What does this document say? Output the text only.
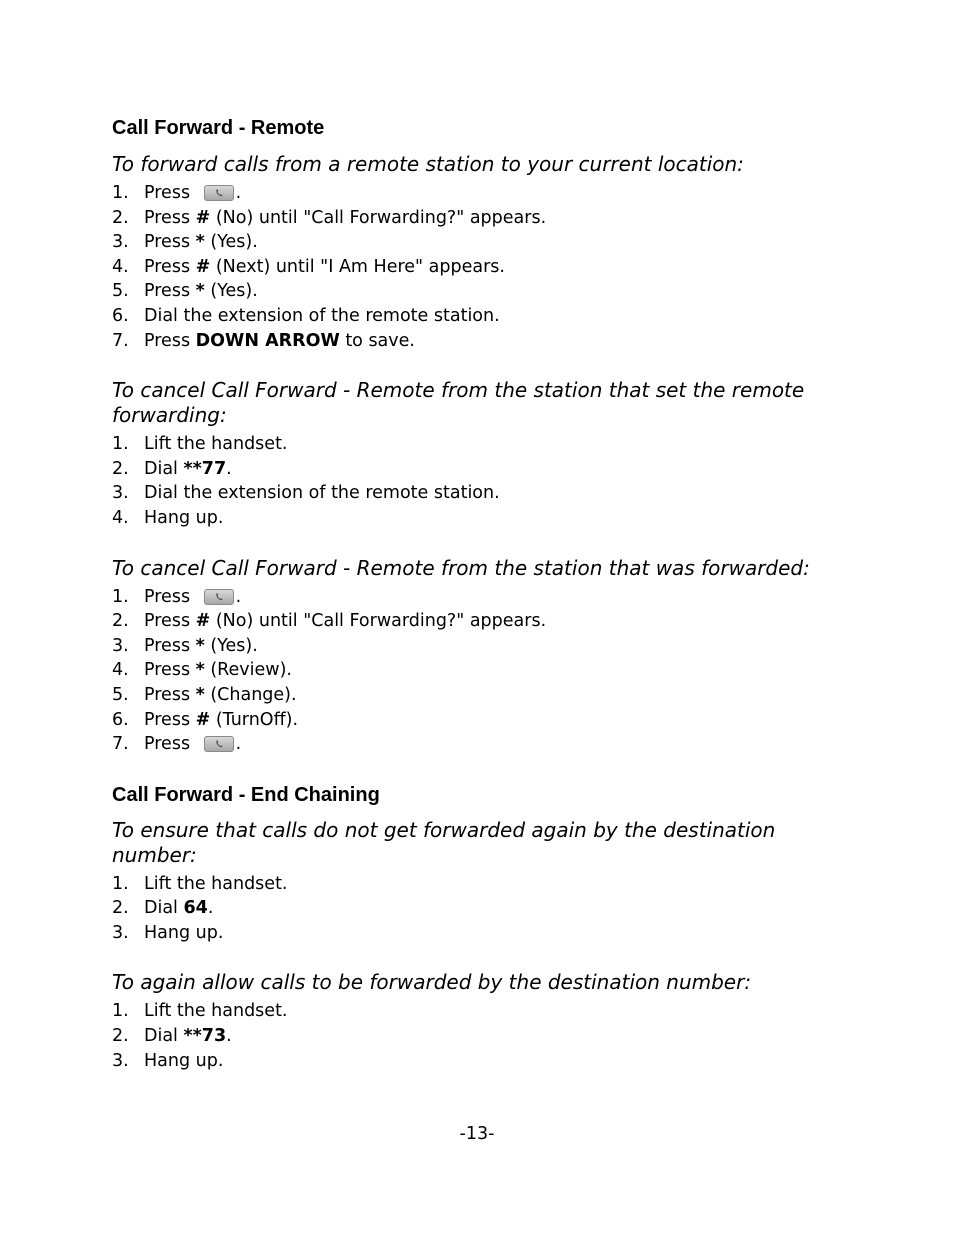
Call Forward - Remote

To forward calls from a remote station to your current location:

1. Press
.
2. Press # (No) until "Call Forwarding?" appears.
3. Press * (Yes).
4. Press # (Next) until "I Am Here" appears.
5. Press * (Yes).
6. Dial the extension of the remote station.
7. Press DOWN ARROW to save.

To cancel Call Forward - Remote from the station that set the remote forwarding:

1. Lift the handset.
2. Dial **77.
3. Dial the extension of the remote station.
4. Hang up.

To cancel Call Forward - Remote from the station that was forwarded:

1. Press
.
2. Press # (No) until "Call Forwarding?" appears.
3. Press * (Yes).
4. Press * (Review).
5. Press * (Change).
6. Press # (TurnOff).
7. Press
.
Call Forward - End Chaining

To ensure that calls do not get forwarded again by the destination number:

1. Lift the handset.
2. Dial 64.
3. Hang up.

To again allow calls to be forwarded by the destination number:

1. Lift the handset.
2. Dial **73.
3. Hang up.
-13-
